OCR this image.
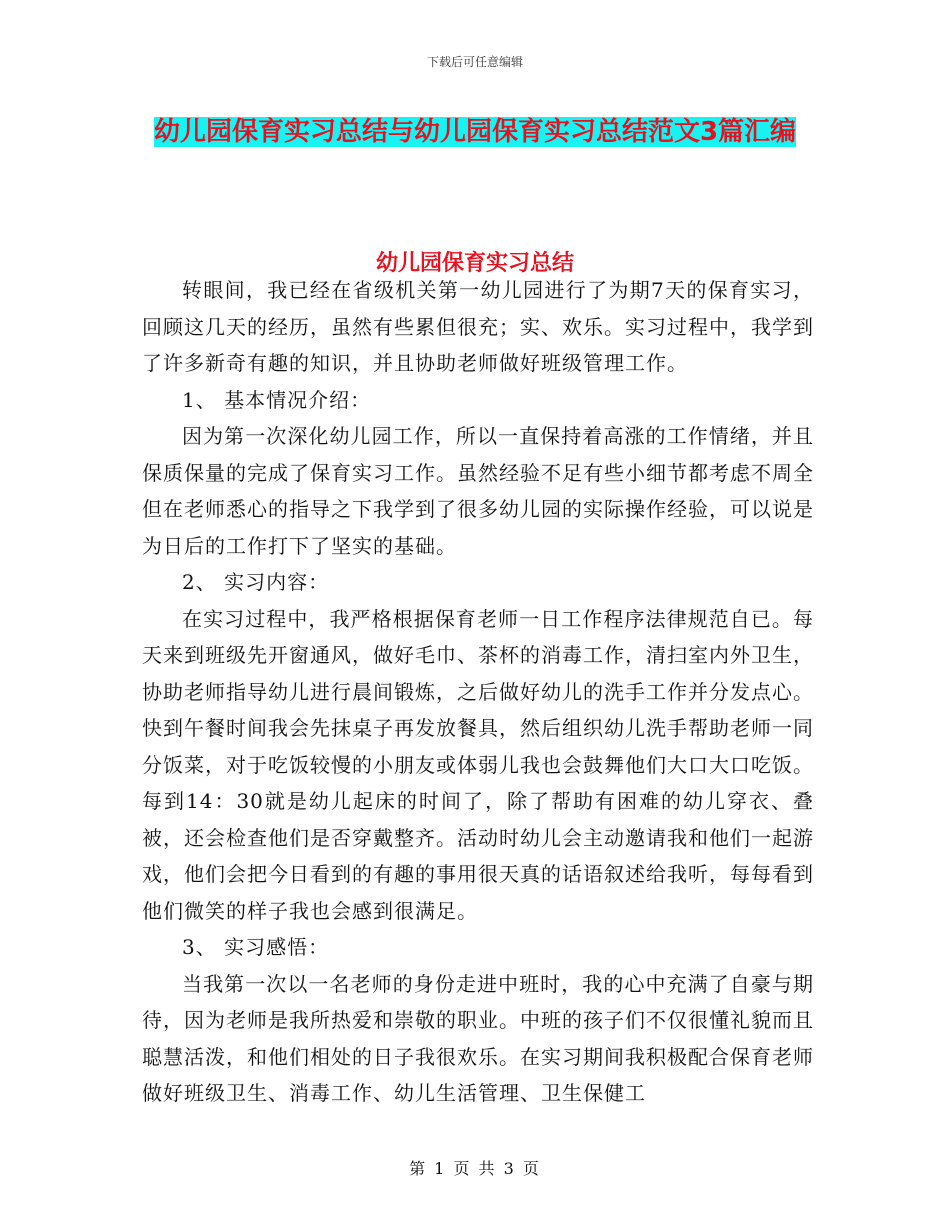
下载后可任意编辑
幼儿园保育实习总结与幼儿园保育实习总结范文3篇汇编
幼儿园保育实习总结

转眼间，我已经在省级机关第一幼儿园进行了为期7天的保育实习，回顾这几天的经历，虽然有些累但很充；实、欢乐。实习过程中，我学到了许多新奇有趣的知识，并且协助老师做好班级管理工作。

1、 基本情况介绍：

因为第一次深化幼儿园工作，所以一直保持着高涨的工作情绪，并且保质保量的完成了保育实习工作。虽然经验不足有些小细节都考虑不周全但在老师悉心的指导之下我学到了很多幼儿园的实际操作经验，可以说是为日后的工作打下了坚实的基础。

2、 实习内容：

在实习过程中，我严格根据保育老师一日工作程序法律规范自已。每天来到班级先开窗通风，做好毛巾、茶杯的消毒工作，清扫室内外卫生，协助老师指导幼儿进行晨间锻炼，之后做好幼儿的洗手工作并分发点心。快到午餐时间我会先抹桌子再发放餐具，然后组织幼儿洗手帮助老师一同分饭菜，对于吃饭较慢的小朋友或体弱儿我也会鼓舞他们大口大口吃饭。每到14：30就是幼儿起床的时间了，除了帮助有困难的幼儿穿衣、叠被，还会检查他们是否穿戴整齐。活动时幼儿会主动邀请我和他们一起游戏，他们会把今日看到的有趣的事用很天真的话语叙述给我听，每每看到他们微笑的样子我也会感到很满足。

3、 实习感悟：

当我第一次以一名老师的身份走进中班时，我的心中充满了自豪与期待，因为老师是我所热爱和崇敬的职业。中班的孩子们不仅很懂礼貌而且聪慧活泼，和他们相处的日子我很欢乐。在实习期间我积极配合保育老师做好班级卫生、消毒工作、幼儿生活管理、卫生保健工

第 1 页 共 3 页
